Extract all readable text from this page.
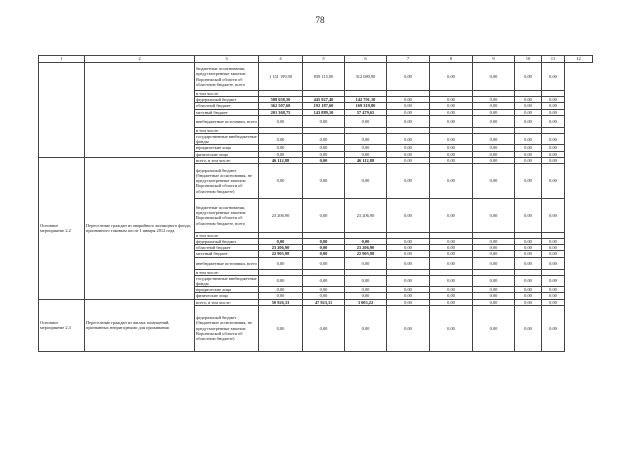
78
1	2	3	4	5	6	7	8	9	10	11	12
		бюджетные ассигнования, предусмотренные законом Воронежской области об областном бюджете, всего	1 151 199,90	839 115,00	312 080,90	0,00	0,00	0,00	0,00	0,00	
		в том числе:									
		федеральный бюджет	588 658,50	445 927,40	142 791,10	0,00	0,00	0,00	0,00	0,00	
		областной бюджет	362 507,60	192 187,60	169 319,80	0,00	0,00	0,00	0,00	0,00	
		местный бюджет	201 368,75	143 889,10	57 479,65	0,00	0,00	0,00	0,00	0,00	
		внебюджетные источники, всего	0,00	0,00	0,00	0,00	0,00	0,00	0,00	0,00	
		в том числе:									
		государственные внебюджетные фонды	0,00	0,00	0,00	0,00	0,00	0,00	0,00	0,00	
		юридические лица	0,00	0,00	0,00	0,00	0,00	0,00	0,00	0,00	
		физические лица	0,00	0,00	0,00	0,00	0,00	0,00	0,00	0,00	
Основное мероприятие 2.2	Переселение граждан из аварийного жилищного фонда, признанного таковым после 1 января 2012 года	всего, в том числе:	46 112,88	0,00	46 112,88	0,00	0,00	0,00	0,00	0,00	
		федеральный бюджет (бюджетные ассигнования, не предусмотренные законом Воронежской области об областном бюджете)	0,00	0,00	0,00	0,00	0,00	0,00	0,00	0,00	
		бюджетные ассигнования, предусмотренные законом Воронежской области об областном бюджете, всего	23 206,90	0,00	23 206,90	0,00	0,00	0,00	0,00	0,00	
		в том числе:									
		федеральный бюджет	0,00	0,00	0,00	0,00	0,00	0,00	0,00	0,00	
		областной бюджет	23 206,90	0,00	23 206,90	0,00	0,00	0,00	0,00	0,00	
		местный бюджет	22 905,98	0,00	22 905,98	0,00	0,00	0,00	0,00	0,00	
		внебюджетные источники, всего	0,00	0,00	0,00	0,00	0,00	0,00	0,00	0,00	
		в том числе:									
		государственные внебюджетные фонды	0,00	0,00	0,00	0,00	0,00	0,00	0,00	0,00	
		юридические лица	0,00	0,00	0,00	0,00	0,00	0,00	0,00	0,00	
		физические лица	0,00	0,00	0,00	0,00	0,00	0,00	0,00	0,00	
Основное мероприятие 2.3	Переселение граждан из жилых помещений, признанных непригодными для проживания	всего, в том числе:	50 926,33	47 923,11	3 003,22	0,00	0,00	0,00	0,00	0,00	
		федеральный бюджет (бюджетные ассигнования, не предусмотренные законом Воронежской области об областном бюджете)	0,00	0,00	0,00	0,00	0,00	0,00	0,00	0,00	
